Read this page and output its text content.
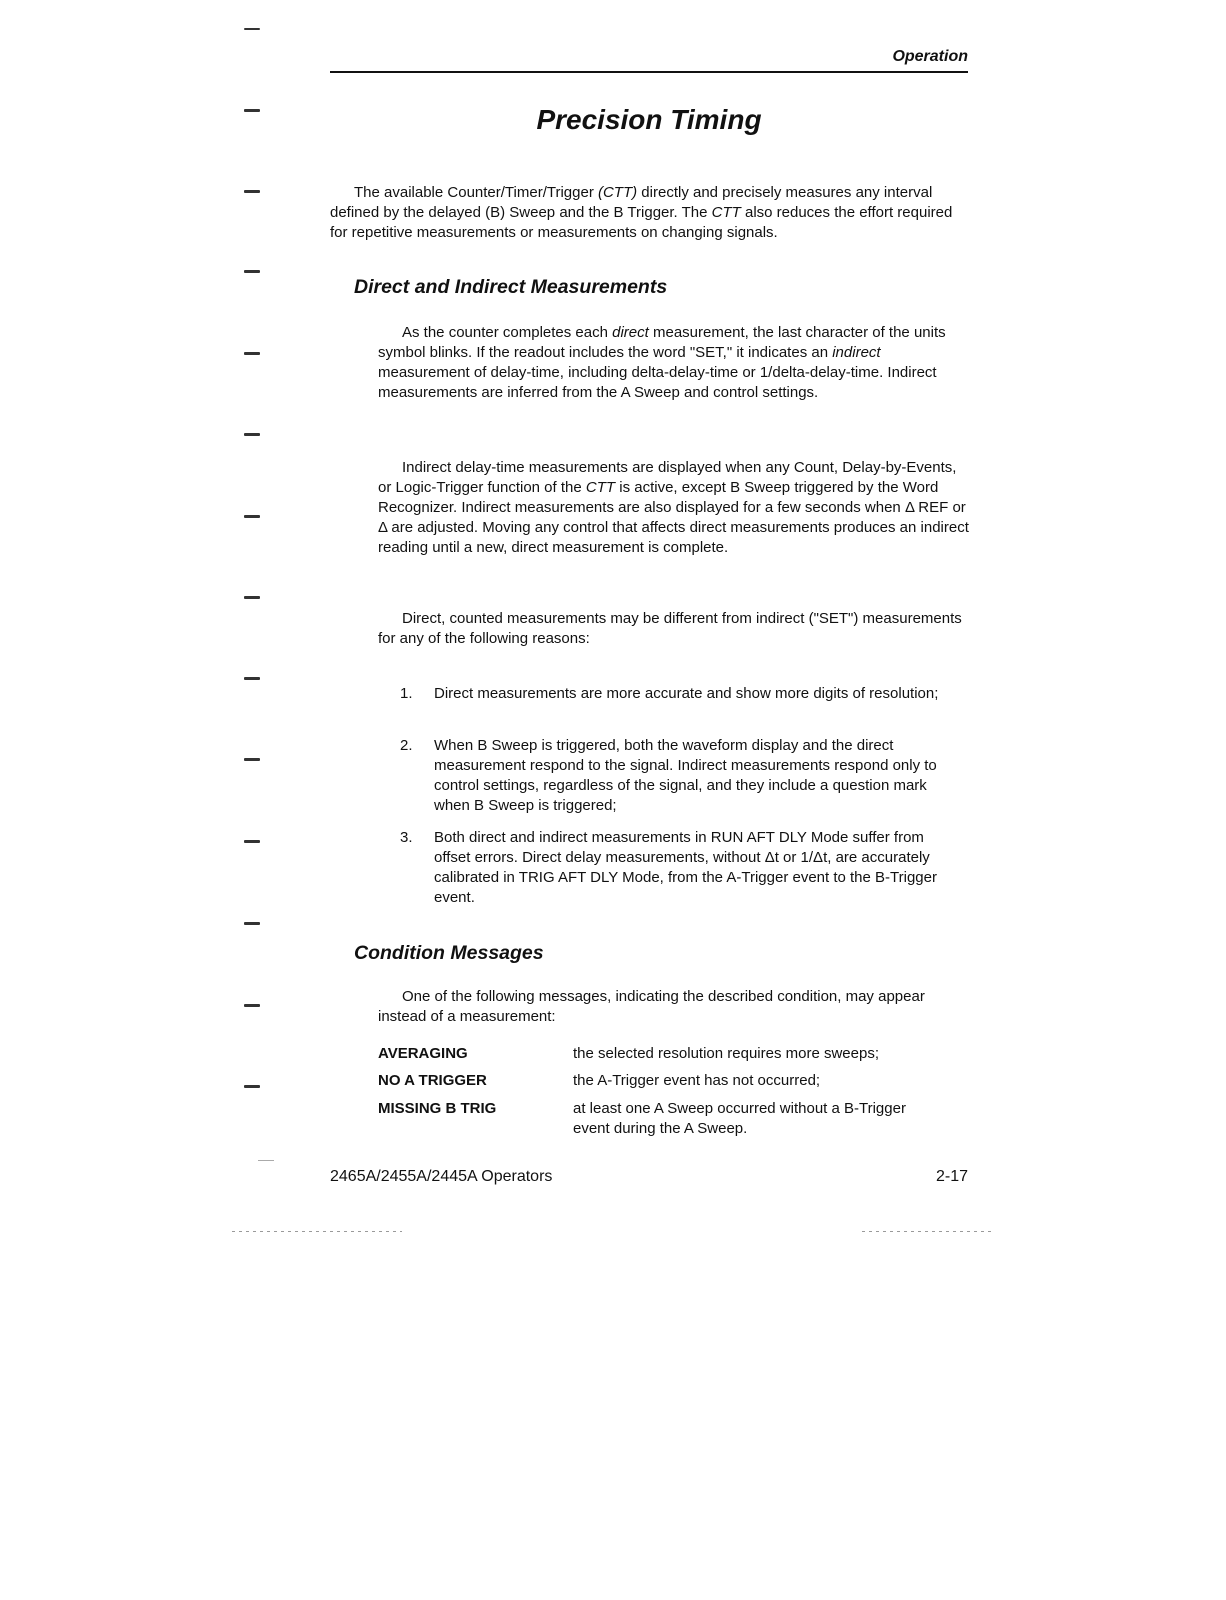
Operation
Precision Timing

The available Counter/Timer/Trigger (CTT) directly and precisely measures any interval defined by the delayed (B) Sweep and the B Trigger. The CTT also reduces the effort required for repetitive measurements or measurements on changing signals.

Direct and Indirect Measurements

As the counter completes each direct measurement, the last character of the units symbol blinks. If the readout includes the word "SET," it indicates an indirect measurement of delay-time, including delta-delay-time or 1/delta-delay-time. Indirect measurements are inferred from the A Sweep and control settings.

Indirect delay-time measurements are displayed when any Count, Delay-by-Events, or Logic-Trigger function of the CTT is active, except B Sweep triggered by the Word Recognizer. Indirect measurements are also displayed for a few seconds when Δ REF or Δ are adjusted. Moving any control that affects direct measurements produces an indirect reading until a new, direct measurement is complete.

Direct, counted measurements may be different from indirect ("SET") measurements for any of the following reasons:

1. Direct measurements are more accurate and show more digits of resolution;
2. When B Sweep is triggered, both the waveform display and the direct measurement respond to the signal. Indirect measurements respond only to control settings, regardless of the signal, and they include a question mark when B Sweep is triggered;
3. Both direct and indirect measurements in RUN AFT DLY Mode suffer from offset errors. Direct delay measurements, without Δt or 1/Δt, are accurately calibrated in TRIG AFT DLY Mode, from the A-Trigger event to the B-Trigger event.
Condition Messages

One of the following messages, indicating the described condition, may appear instead of a measurement:

AVERAGING	the selected resolution requires more sweeps;
NO A TRIGGER	the A-Trigger event has not occurred;
MISSING B TRIG	at least one A Sweep occurred without a B-Trigger event during the A Sweep.
2465A/2455A/2445A Operators	2-17
